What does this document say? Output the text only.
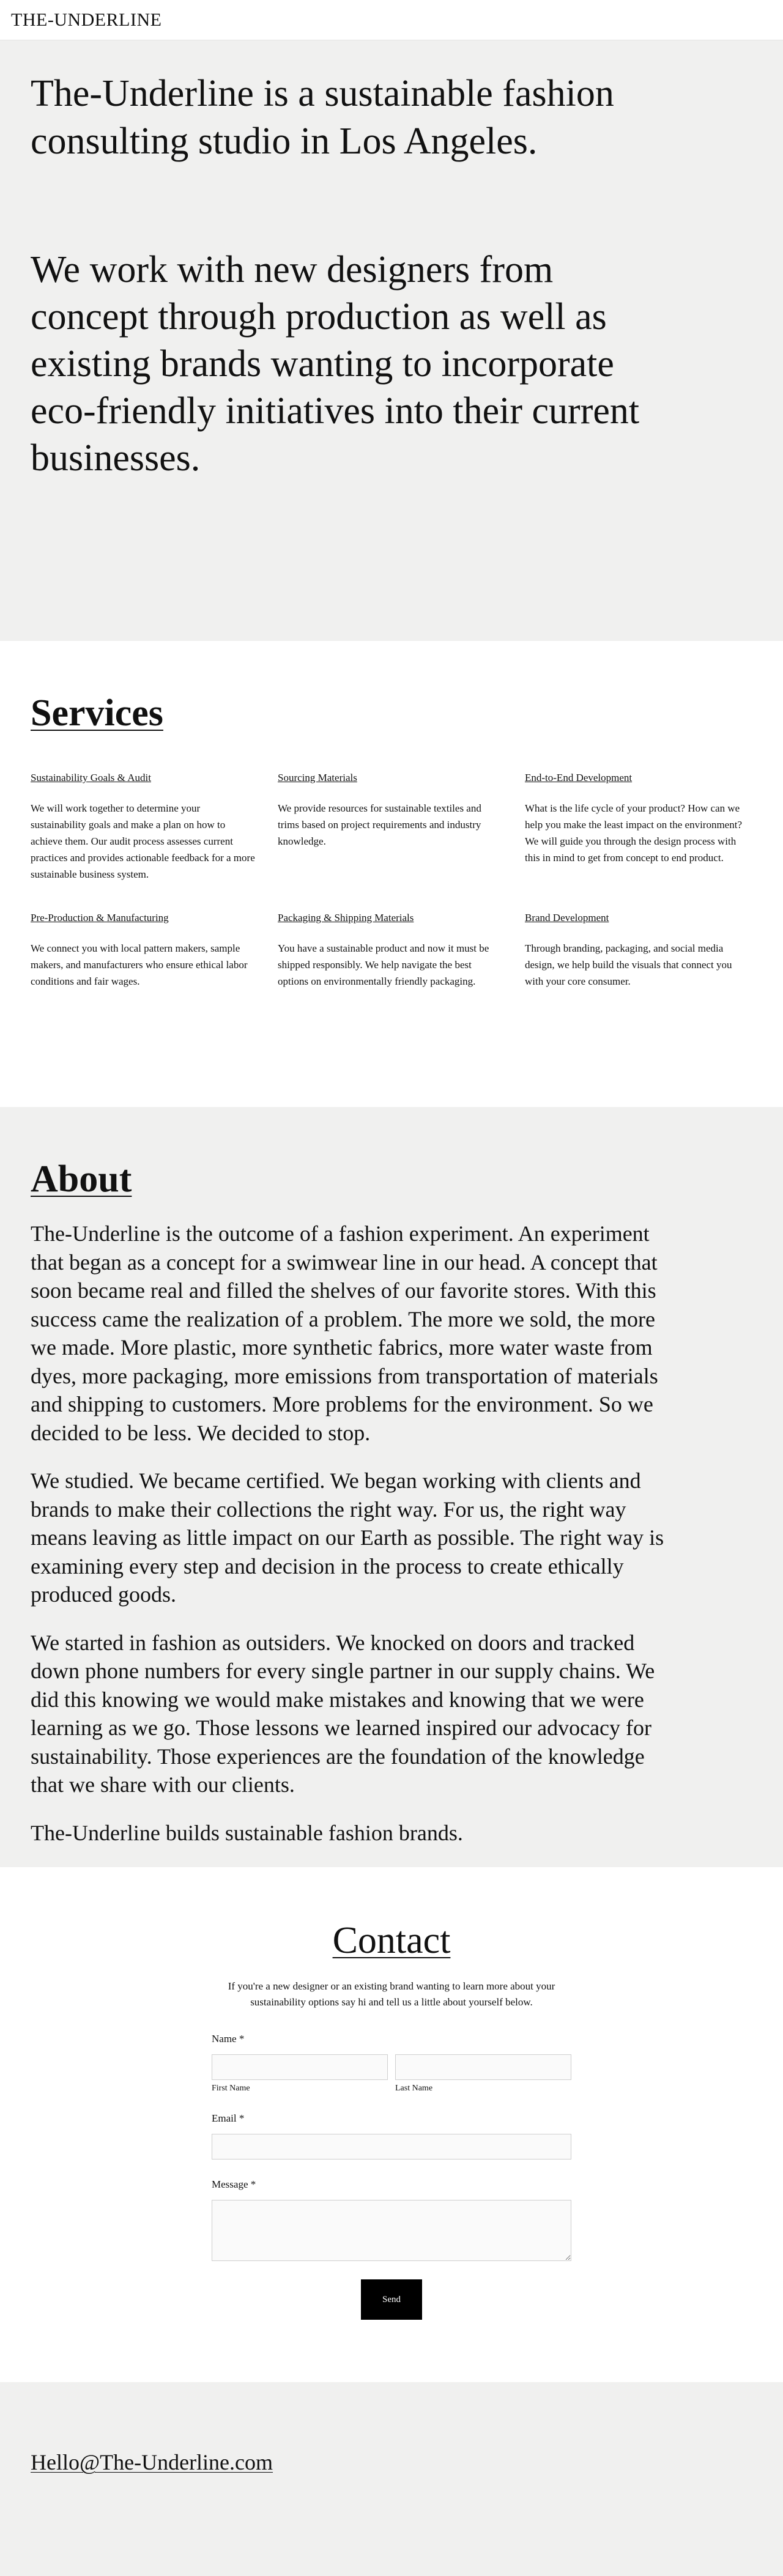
THE-UNDERLINE
The-Underline is a sustainable fashion consulting studio in Los Angeles.
We work with new designers from concept through production as well as existing brands wanting to incorporate eco-friendly initiatives into their current businesses.
Services
Sustainability Goals & Audit
We will work together to determine your sustainability goals and make a plan on how to achieve them. Our audit process assesses current practices and provides actionable feedback for a more sustainable business system.
Sourcing Materials
We provide resources for sustainable textiles and trims based on project requirements and industry knowledge.
End-to-End Development
What is the life cycle of your product? How can we help you make the least impact on the environment? We will guide you through the design process with this in mind to get from concept to end product.
Pre-Production & Manufacturing
We connect you with local pattern makers, sample makers, and manufacturers who ensure ethical labor conditions and fair wages.
Packaging & Shipping Materials
You have a sustainable product and now it must be shipped responsibly. We help navigate the best options on environmentally friendly packaging.
Brand Development
Through branding, packaging, and social media design, we help build the visuals that connect you with your core consumer.
About

The-Underline is the outcome of a fashion experiment. An experiment that began as a concept for a swimwear line in our head. A concept that soon became real and filled the shelves of our favorite stores. With this success came the realization of a problem. The more we sold, the more we made. More plastic, more synthetic fabrics, more water waste from dyes, more packaging, more emissions from transportation of materials and shipping to customers. More problems for the environment. So we decided to be less. We decided to stop.

We studied. We became certified. We began working with clients and brands to make their collections the right way. For us, the right way means leaving as little impact on our Earth as possible. The right way is examining every step and decision in the process to create ethically produced goods.

We started in fashion as outsiders. We knocked on doors and tracked down phone numbers for every single partner in our supply chains. We did this knowing we would make mistakes and knowing that we were learning as we go. Those lessons we learned inspired our advocacy for sustainability. Those experiences are the foundation of the knowledge that we share with our clients.

The-Underline builds sustainable fashion brands.

Contact
If you're a new designer or an existing brand wanting to learn more about your sustainability options say hi and tell us a little about yourself below.
Name *
First Name	Last Name
Email *
Message *
Send
Hello@The-Underline.com
